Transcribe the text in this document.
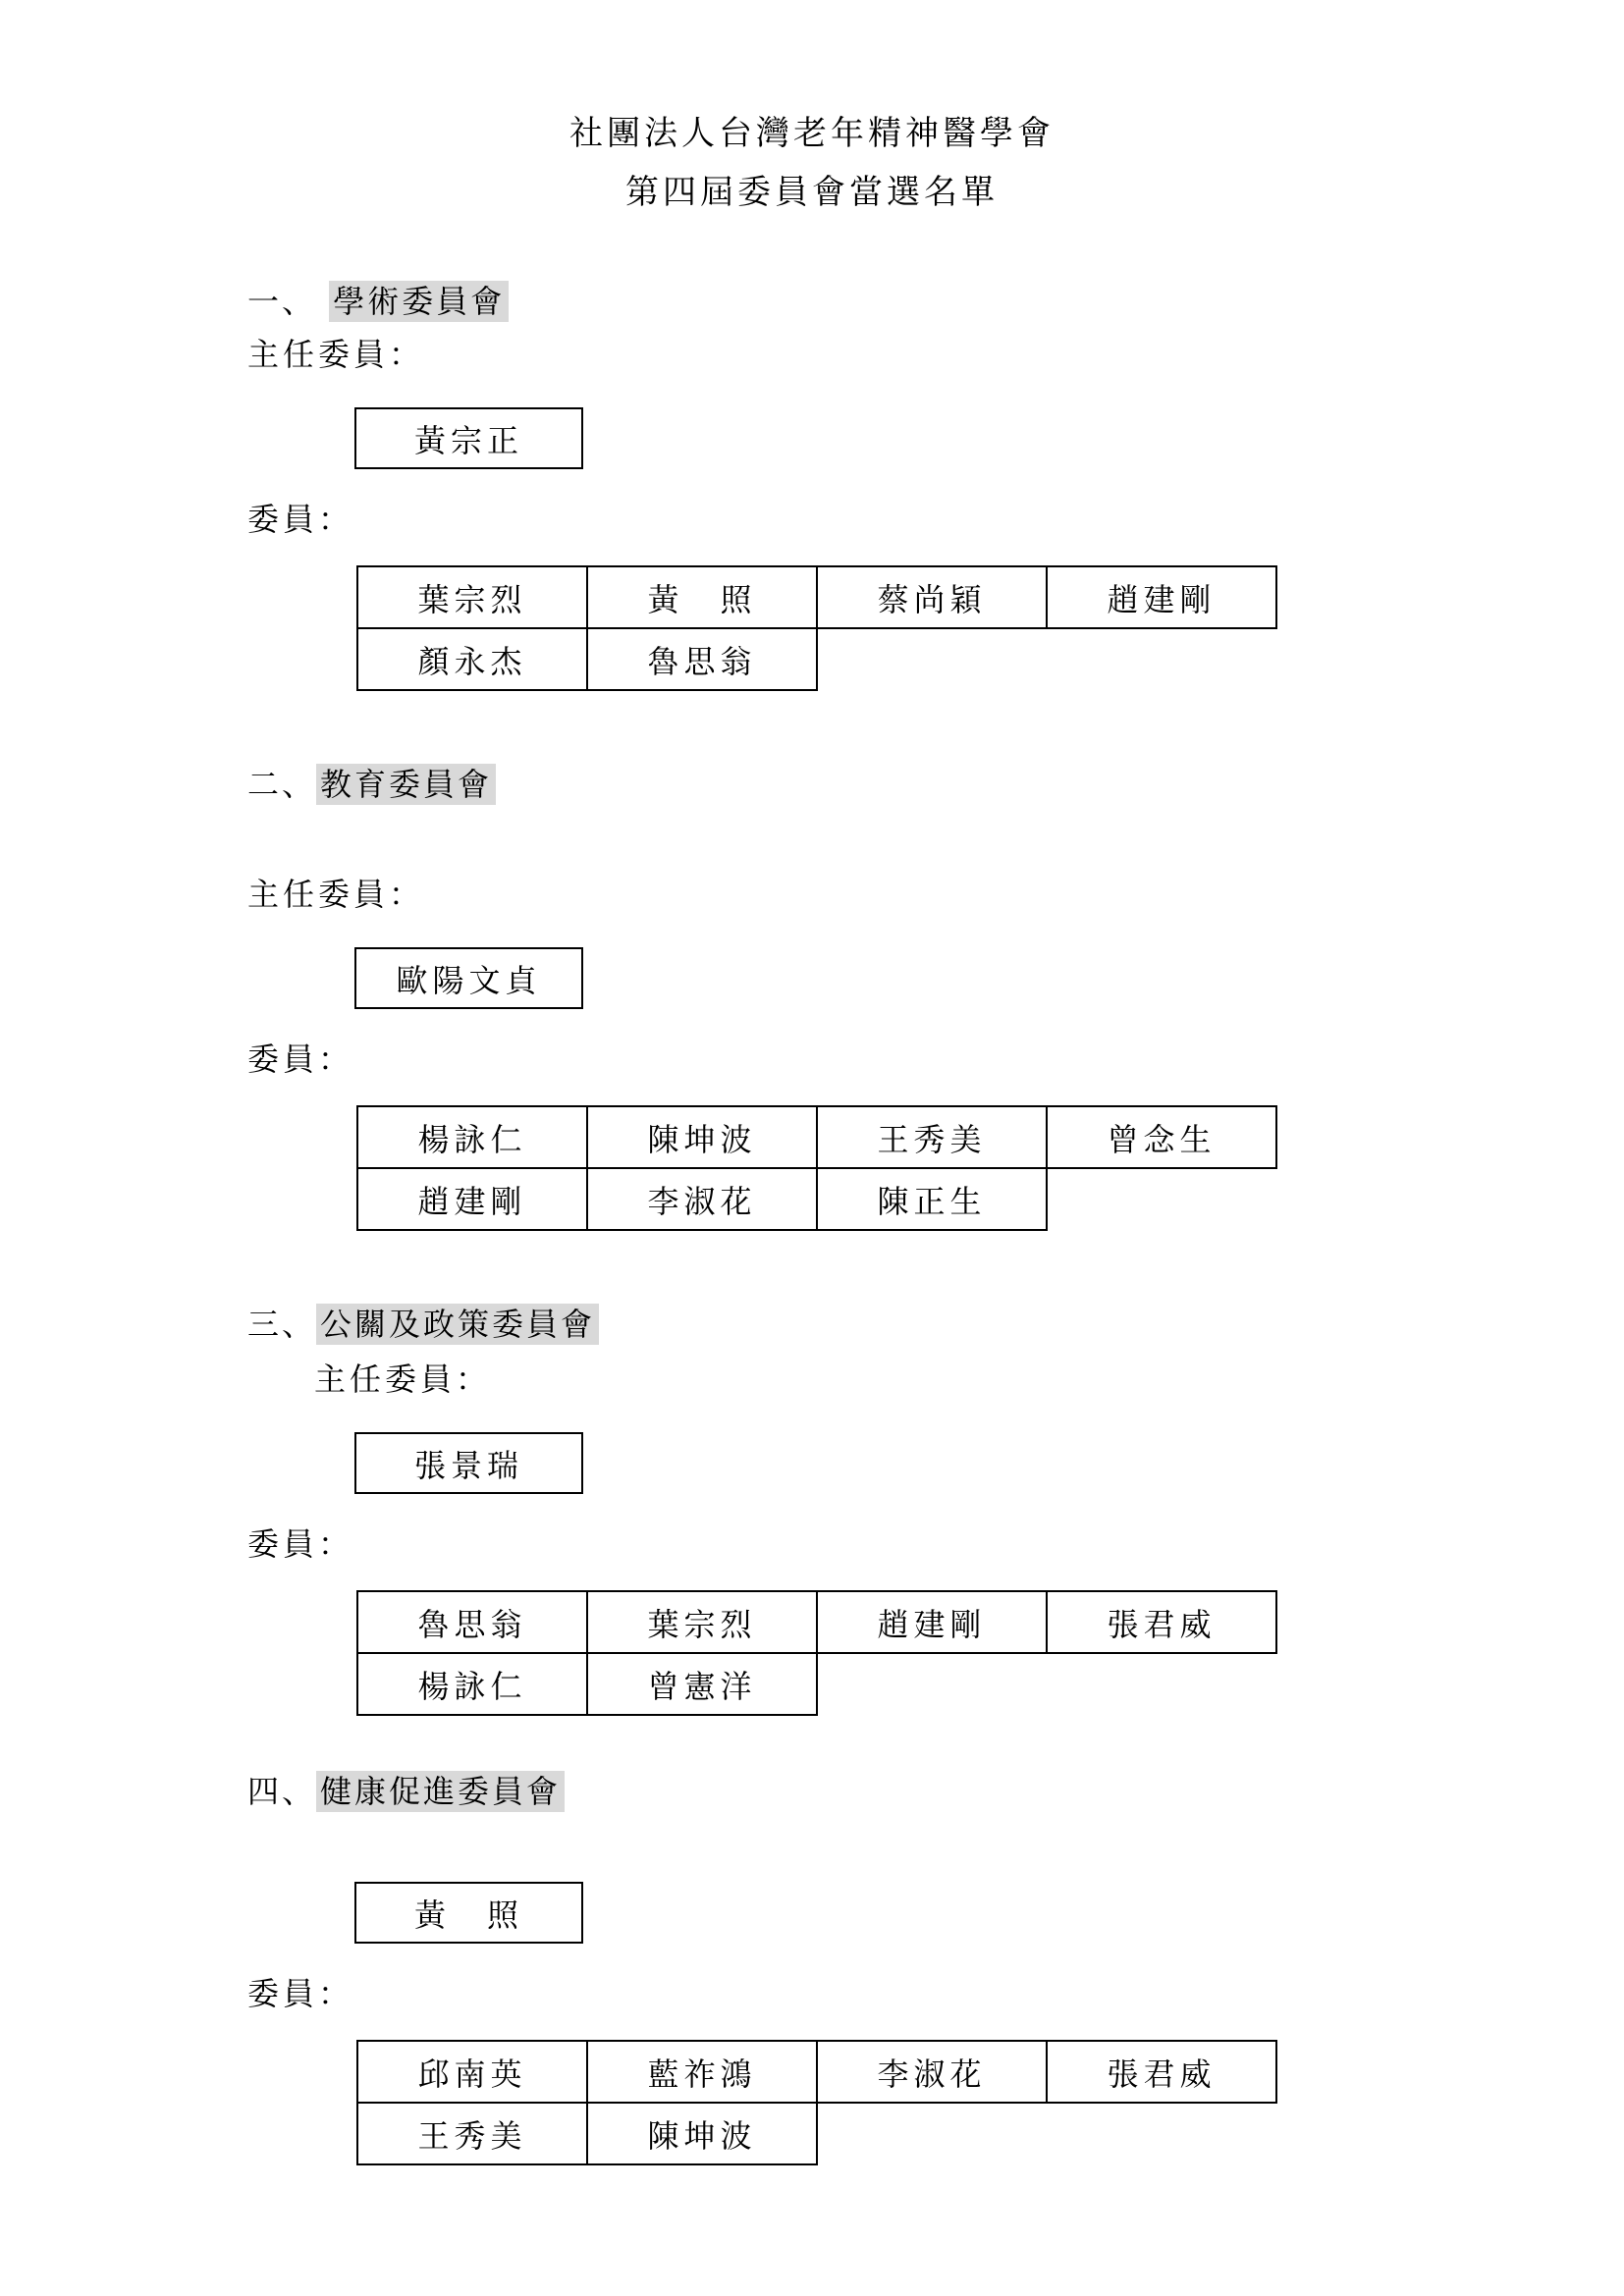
社團法人台灣老年精神醫學會
第四屆委員會當選名單
一、 學術委員會
主任委員：
黃宗正
委員：
葉宗烈	黃　照	蔡尚穎	趙建剛
顏永杰	魯思翁		
二、 教育委員會
主任委員：
歐陽文貞
委員：
楊詠仁	陳坤波	王秀美	曾念生
趙建剛	李淑花	陳正生	
三、 公關及政策委員會
主任委員：
張景瑞
委員：
魯思翁	葉宗烈	趙建剛	張君威
楊詠仁	曾憲洋		
四、 健康促進委員會
黃　照
委員：
邱南英	藍祚鴻	李淑花	張君威
王秀美	陳坤波		
